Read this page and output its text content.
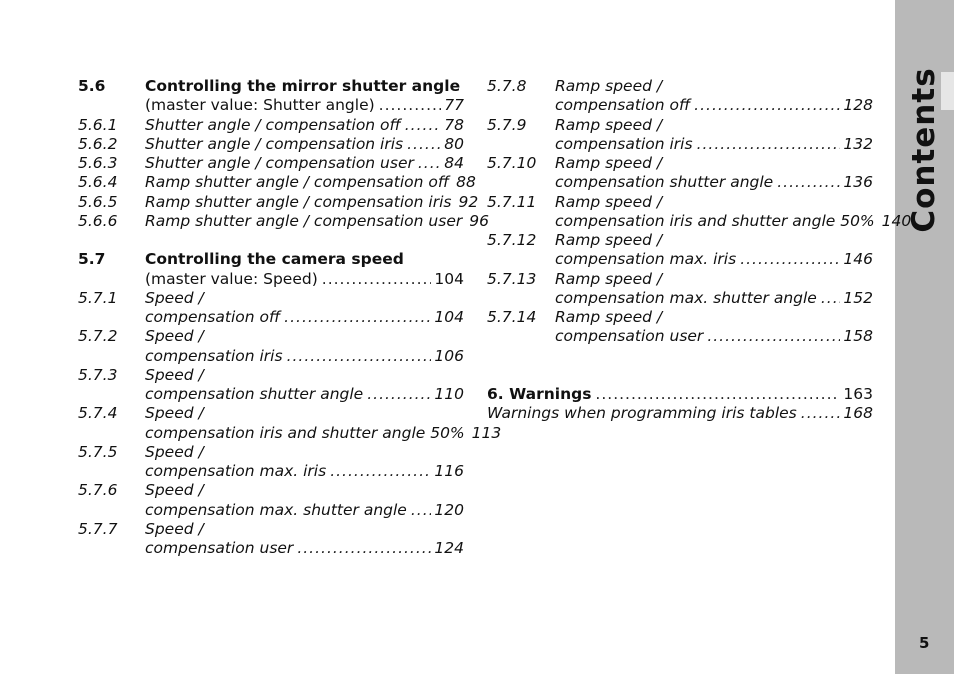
Contents
5
5.6	Controlling the mirror shutter angle
(master value: Shutter angle) .....	77
5.6.1 Shutter angle / compensation off .....	78
5.6.2 Shutter angle / compensation iris .....	80
5.6.3 Shutter angle / compensation user ..... 84
5.6.4 Ramp shutter angle / compensation off 88
5.6.5 Ramp shutter angle / compensation iris 92
5.6.6 Ramp shutter angle / compensation user 96
5.7	Controlling the camera speed
(master value: Speed) .....	104
5.7.1 Speed /
compensation off .....	104
5.7.2 Speed /
compensation iris .....	106
5.7.3 Speed /
compensation shutter angle .....	110
5.7.4 Speed /
compensation iris and shutter angle 50% 113
5.7.5 Speed /
compensation max. iris .....	116
5.7.6 Speed /
compensation max. shutter angle ..... 120
5.7.7 Speed /
compensation user .....	124
5.7.8 Ramp speed /
compensation off .....	128
5.7.9 Ramp speed /
compensation iris .....	132
5.7.10 Ramp speed /
compensation shutter angle .....	136
5.7.11 Ramp speed /
compensation iris and shutter angle 50% 140
5.7.12 Ramp speed /
compensation max. iris .....	146
5.7.13 Ramp speed /
compensation max. shutter angle ..... 152
5.7.14 Ramp speed /
compensation user .....	158
6. Warnings .....	163
Warnings when programming iris tables .....	168
